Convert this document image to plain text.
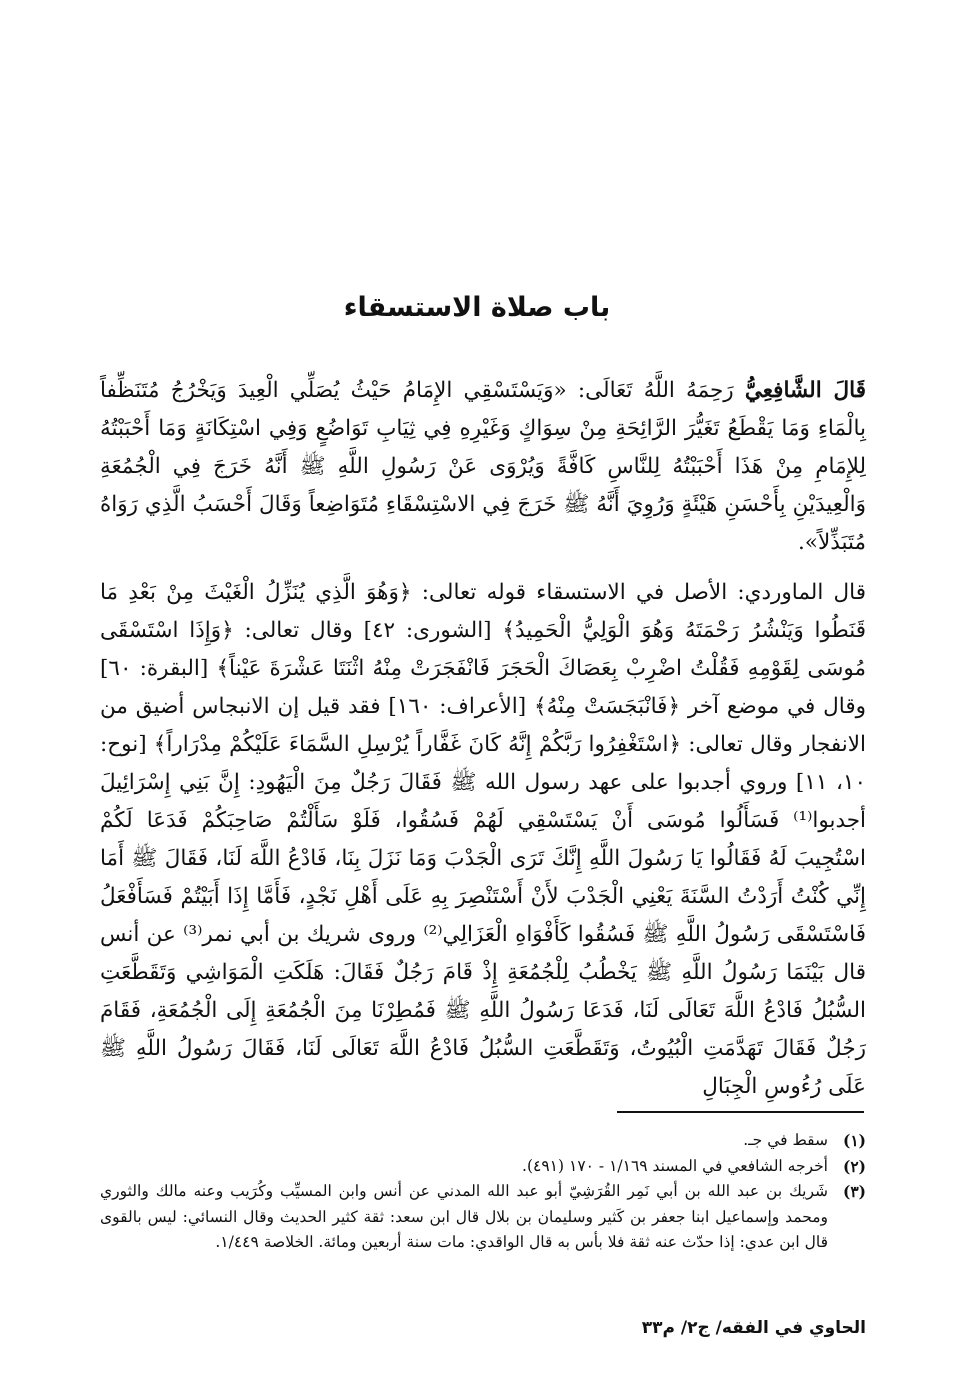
باب صلاة الاستسقاء

قَالَ الشَّافِعِيُّ رَحِمَهُ اللَّهُ تَعَالَى: «وَيَسْتَسْقِي الإِمَامُ حَيْثُ يُصَلِّي الْعِيدَ وَيَخْرُجُ مُتَنَظِّفاً بِالْمَاءِ وَمَا يَقْطَعُ تَغَيُّرَ الرَّائِحَةِ مِنْ سِوَاكٍ وَغَيْرِهِ فِي ثِيَابِ تَوَاضُعٍ وَفِي اسْتِكَانَةٍ وَمَا أَحْبَبْتُهُ لِلإِمَامِ مِنْ هَذَا أَحْبَبْتُهُ لِلنَّاسِ كَافَّةً وَيُرْوَى عَنْ رَسُولِ اللَّهِ ﷺ أَنَّهُ خَرَجَ فِي الْجُمُعَةِ وَالْعِيدَيْنِ بِأَحْسَنِ هَيْئَةٍ وَرُوِيَ أَنَّهُ ﷺ خَرَجَ فِي الاسْتِسْقَاءِ مُتَوَاضِعاً وَقَالَ أَحْسَبُ الَّذِي رَوَاهُ مُتَبَذِّلاً».

قال الماوردي: الأصل في الاستسقاء قوله تعالى: ﴿وَهُوَ الَّذِي يُنَزِّلُ الْغَيْثَ مِنْ بَعْدِ مَا قَنَطُوا وَيَنْشُرُ رَحْمَتَهُ وَهُوَ الْوَلِيُّ الْحَمِيدُ﴾ [الشورى: ٤٢] وقال تعالى: ﴿وَإِذَا اسْتَسْقَى مُوسَى لِقَوْمِهِ فَقُلْتُ اضْرِبْ بِعَصَاكَ الْحَجَرَ فَانْفَجَرَتْ مِنْهُ اثْنَتَا عَشْرَةَ عَيْناً﴾ [البقرة: ٦٠] وقال في موضع آخر ﴿فَانْبَجَسَتْ مِنْهُ﴾ [الأعراف: ١٦٠] فقد قيل إن الانبجاس أضيق من الانفجار وقال تعالى: ﴿اسْتَغْفِرُوا رَبَّكُمْ إِنَّهُ كَانَ غَفَّاراً يُرْسِلِ السَّمَاءَ عَلَيْكُمْ مِدْرَاراً﴾ [نوح: ١٠، ١١] وروي أجدبوا على عهد رسول الله ﷺ فَقَالَ رَجُلٌ مِنَ الْيَهُودِ: إِنَّ بَنِي إِسْرَائِيلَ أجدبوا⁽¹⁾ فَسَأَلُوا مُوسَى أَنْ يَسْتَسْقِي لَهُمْ فَسُقُوا، فَلَوْ سَأَلْتُمْ صَاحِبَكُمْ فَدَعَا لَكُمْ اسْتُجِيبَ لَهُ فَقَالُوا يَا رَسُولَ اللَّهِ إِنَّكَ تَرَى الْجَدْبَ وَمَا نَزَلَ بِنَا، فَادْعُ اللَّهَ لَنَا، فَقَالَ ﷺ أَمَا إِنِّي كُنْتُ أَرَدْتُ السَّنَةَ يَعْنِي الْجَدْبَ لأَنْ أَسْتَنْصِرَ بِهِ عَلَى أَهْلِ نَجْدٍ، فَأَمَّا إِذَا أَبَيْتُمْ فَسَأَفْعَلُ فَاسْتَسْقَى رَسُولُ اللَّهِ ﷺ فَسُقُوا كَأَفْوَاهِ الْعَزَالِي⁽²⁾ وروى شريك بن أبي نمر⁽³⁾ عن أنس قال بَيْنَمَا رَسُولُ اللَّهِ ﷺ يَخْطُبُ لِلْجُمُعَةِ إِذْ قَامَ رَجُلٌ فَقَالَ: هَلَكَتِ الْمَوَاشِي وَتَقَطَّعَتِ السُّبُلُ فَادْعُ اللَّهَ تَعَالَى لَنَا، فَدَعَا رَسُولُ اللَّهِ ﷺ فَمُطِرْنَا مِنَ الْجُمُعَةِ إِلَى الْجُمُعَةِ، فَقَامَ رَجُلٌ فَقَالَ تَهَدَّمَتِ الْبُيُوتُ، وَتَقَطَّعَتِ السُّبُلُ فَادْعُ اللَّهَ تَعَالَى لَنَا، فَقَالَ رَسُولُ اللَّهِ ﷺ عَلَى رُءُوسِ الْجِبَالِ

(١)
سقط في جـ.
(٢)
أخرجه الشافعي في المسند ١/١٦٩ - ١٧٠ (٤٩١).
(٣)
شَريك بن عبد الله بن أبي نَمِر القُرَشِيّ أبو عبد الله المدني عن أنس وابن المسيِّب وكُرَيب وعنه مالك والثوري ومحمد وإسماعيل ابنا جعفر بن كَثير وسليمان بن بلال قال ابن سعد: ثقة كثير الحديث وقال النسائي: ليس بالقوى قال ابن عدي: إذا حدّث عنه ثقة فلا بأس به قال الواقدي: مات سنة أربعين ومائة. الخلاصة ١/٤٤٩.
الحاوي في الفقه/ ج٢/ م٣٣
